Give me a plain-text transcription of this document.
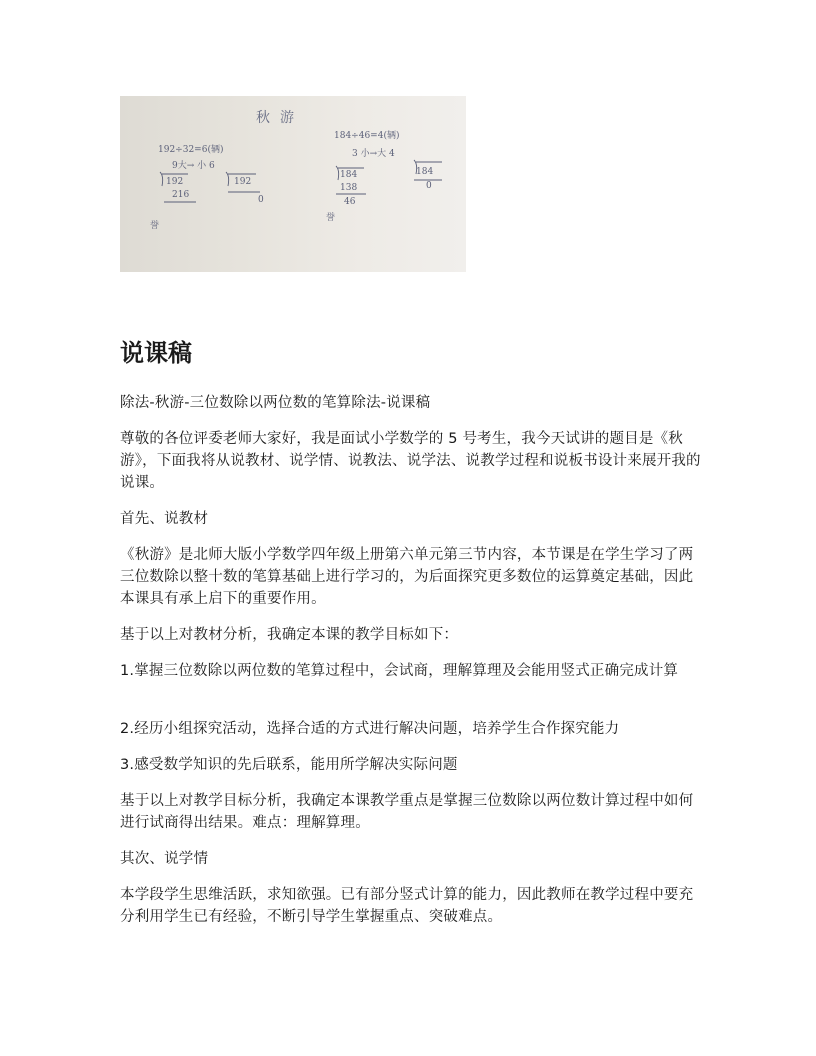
秋游
192÷32=6(辆)
184÷46=4(辆)
9大→ 小 6
192
216
192
0
3 小→大 4
184
138
46
184
0
誉
誉
说课稿

除法-秋游-三位数除以两位数的笔算除法-说课稿

尊敬的各位评委老师大家好，我是面试小学数学的 5 号考生，我今天试讲的题目是《秋游》，下面我将从说教材、说学情、说教法、说学法、说教学过程和说板书设计来展开我的说课。

首先、说教材

《秋游》是北师大版小学数学四年级上册第六单元第三节内容，本节课是在学生学习了两三位数除以整十数的笔算基础上进行学习的，为后面探究更多数位的运算奠定基础，因此本课具有承上启下的重要作用。

基于以上对教材分析，我确定本课的教学目标如下：

1.掌握三位数除以两位数的笔算过程中，会试商，理解算理及会能用竖式正确完成计算

2.经历小组探究活动，选择合适的方式进行解决问题，培养学生合作探究能力

3.感受数学知识的先后联系，能用所学解决实际问题

基于以上对教学目标分析，我确定本课教学重点是掌握三位数除以两位数计算过程中如何进行试商得出结果。难点：理解算理。

其次、说学情

本学段学生思维活跃，求知欲强。已有部分竖式计算的能力，因此教师在教学过程中要充分利用学生已有经验，不断引导学生掌握重点、突破难点。
